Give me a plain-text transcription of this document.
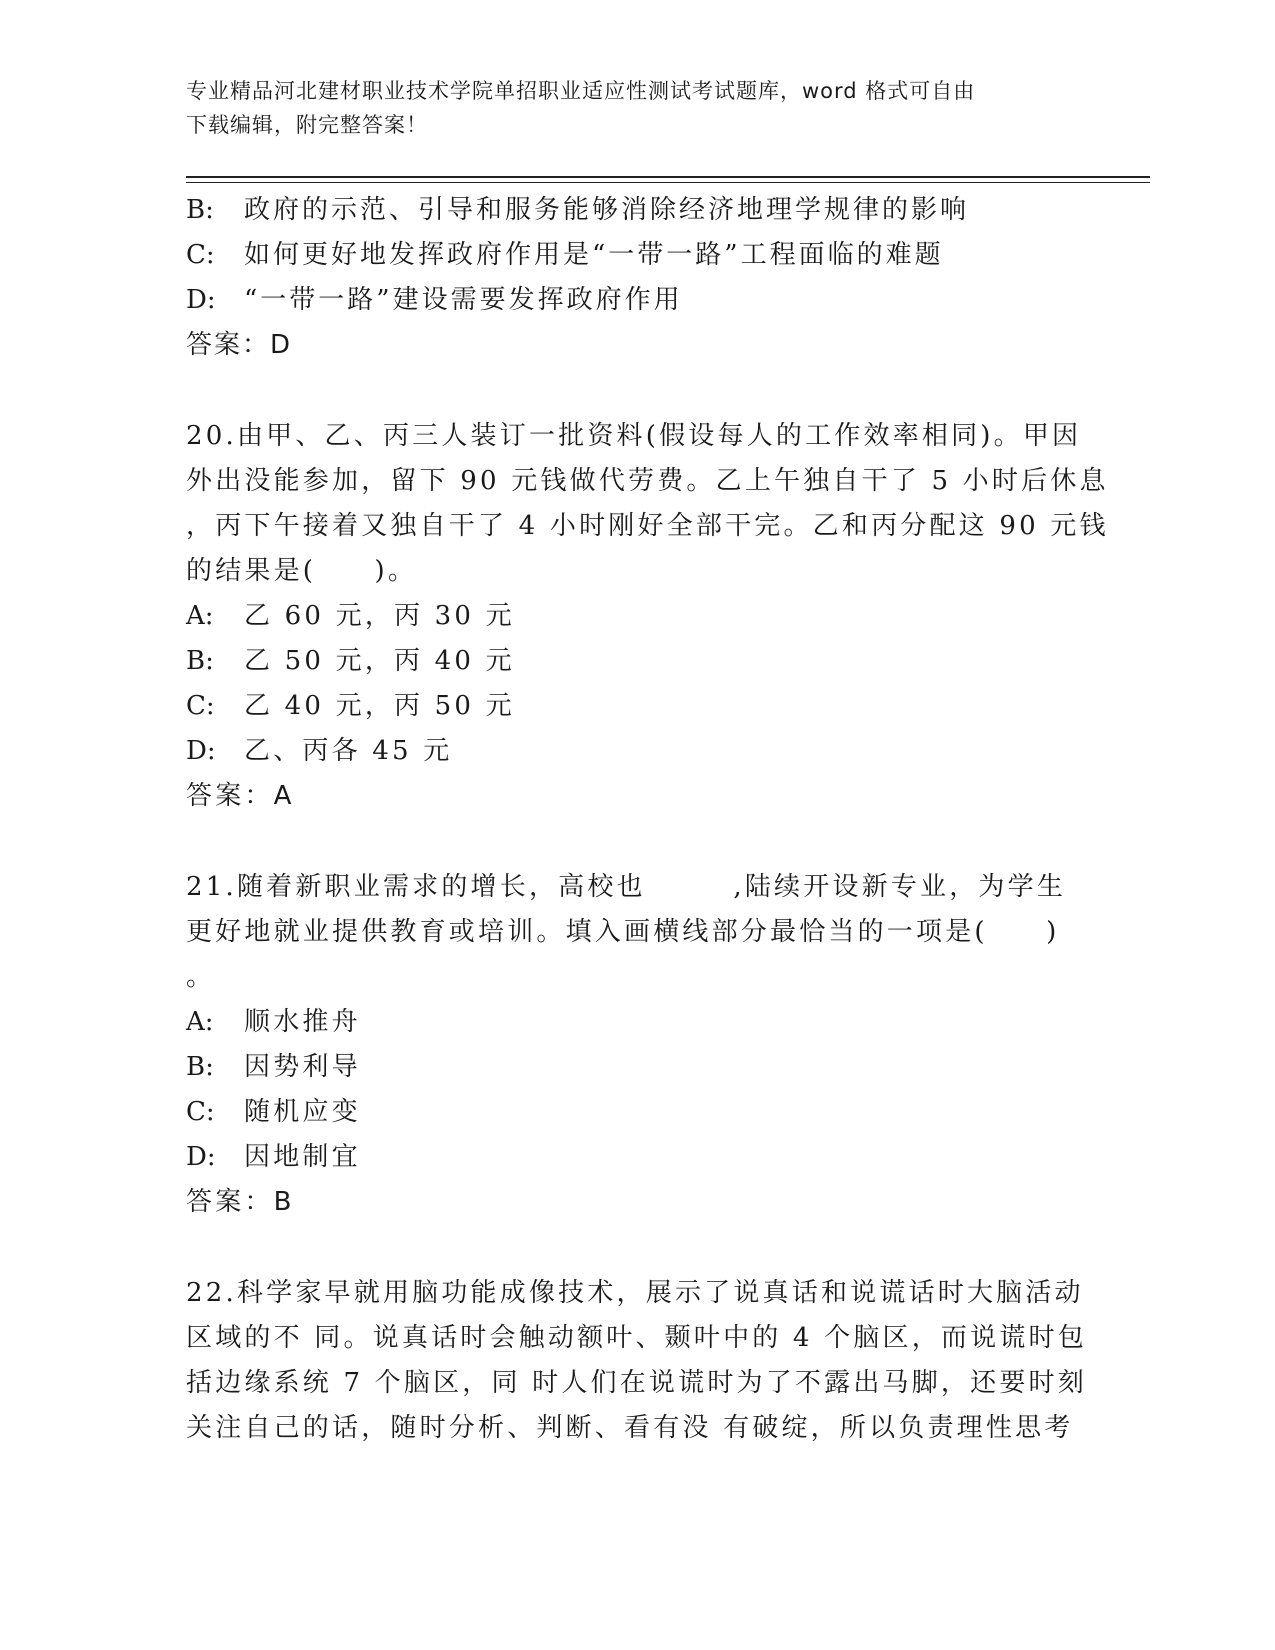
专业精品河北建材职业技术学院单招职业适应性测试考试题库，word 格式可自由
下载编辑，附完整答案！
B: 政府的示范、引导和服务能够消除经济地理学规律的影响
C: 如何更好地发挥政府作用是“一带一路”工程面临的难题
D: “一带一路”建设需要发挥政府作用
答案：D
20.由甲、乙、丙三人装订一批资料(假设每人的工作效率相同)。甲因
外出没能参加，留下 90 元钱做代劳费。乙上午独自干了 5 小时后休息
，丙下午接着又独自干了 4 小时刚好全部干完。乙和丙分配这 90 元钱
的结果是(　　)。
A: 乙 60 元，丙 30 元
B: 乙 50 元，丙 40 元
C: 乙 40 元，丙 50 元
D: 乙、丙各 45 元
答案：A
21.随着新职业需求的增长，高校也　　　,陆续开设新专业，为学生
更好地就业提供教育或培训。填入画横线部分最恰当的一项是(　　)
。
A: 顺水推舟
B: 因势利导
C: 随机应变
D: 因地制宜
答案：B
22.科学家早就用脑功能成像技术，展示了说真话和说谎话时大脑活动
区域的不 同。说真话时会触动额叶、颞叶中的 4 个脑区，而说谎时包
括边缘系统 7 个脑区，同 时人们在说谎时为了不露出马脚，还要时刻
关注自己的话，随时分析、判断、看有没 有破绽，所以负责理性思考
